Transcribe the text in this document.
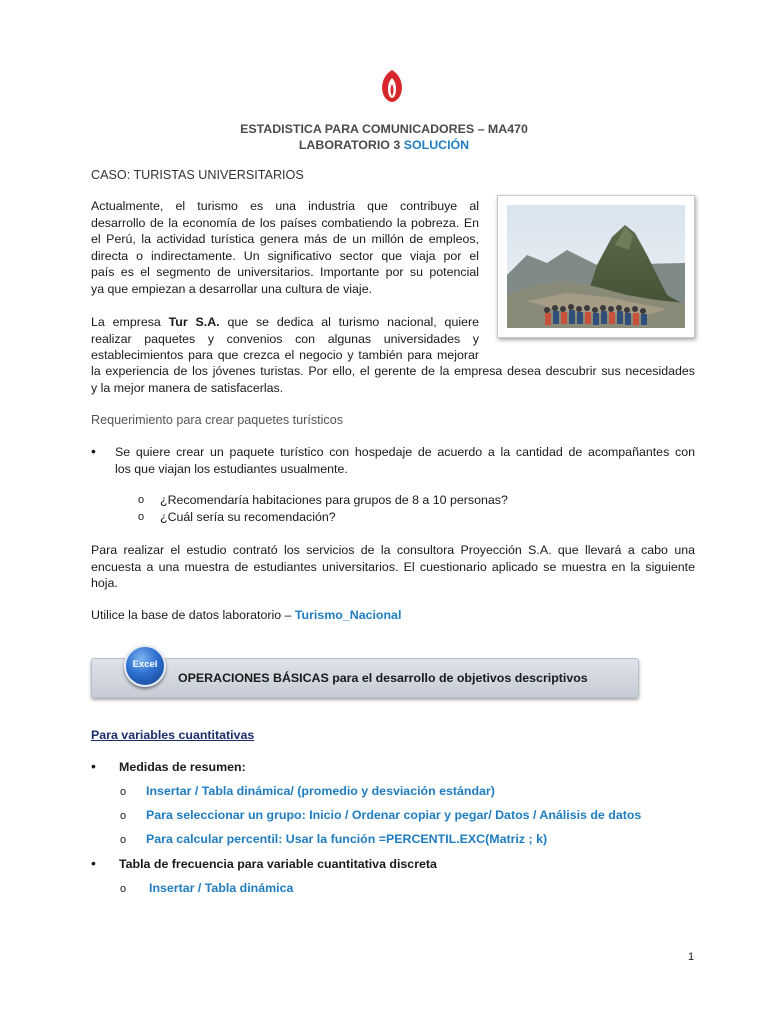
ESTADISTICA PARA COMUNICADORES – MA470
LABORATORIO 3 SOLUCIÓN
CASO: TURISTAS UNIVERSITARIOS
Actualmente, el turismo es una industria que contribuye al
desarrollo de la economía de los países combatiendo la pobreza. En
el Perú, la actividad turística genera más de un millón de empleos,
directa o indirectamente. Un significativo sector que viaja por el
país es el segmento de universitarios. Importante por su potencial
ya que empiezan a desarrollar una cultura de viaje.
La empresa Tur S.A. que se dedica al turismo nacional, quiere
realizar paquetes y convenios con algunas universidades y
establecimientos para que crezca el negocio y también para mejorar
la experiencia de los jóvenes turistas. Por ello, el gerente de la empresa desea descubrir sus necesidades
y la mejor manera de satisfacerlas.
Requerimiento para crear paquetes turísticos
• Se quiere crear un paquete turístico con hospedaje de acuerdo a la cantidad de acompañantes con
los que viajan los estudiantes usualmente.
o ¿Recomendaría habitaciones para grupos de 8 a 10 personas?
o ¿Cuál sería su recomendación?
Para realizar el estudio contrató los servicios de la consultora Proyección S.A. que llevará a cabo una
encuesta a una muestra de estudiantes universitarios. El cuestionario aplicado se muestra en la siguiente
hoja.
Utilice la base de datos laboratorio – Turismo_Nacional
Excel
OPERACIONES BÁSICAS para el desarrollo de objetivos descriptivos
Para variables cuantitativas
• Medidas de resumen:
o Insertar / Tabla dinámica/ (promedio y desviación estándar)
o Para seleccionar un grupo: Inicio / Ordenar copiar y pegar/ Datos / Análisis de datos
o Para calcular percentil: Usar la función =PERCENTIL.EXC(Matriz ; k)
• Tabla de frecuencia para variable cuantitativa discreta
o Insertar / Tabla dinámica
1
